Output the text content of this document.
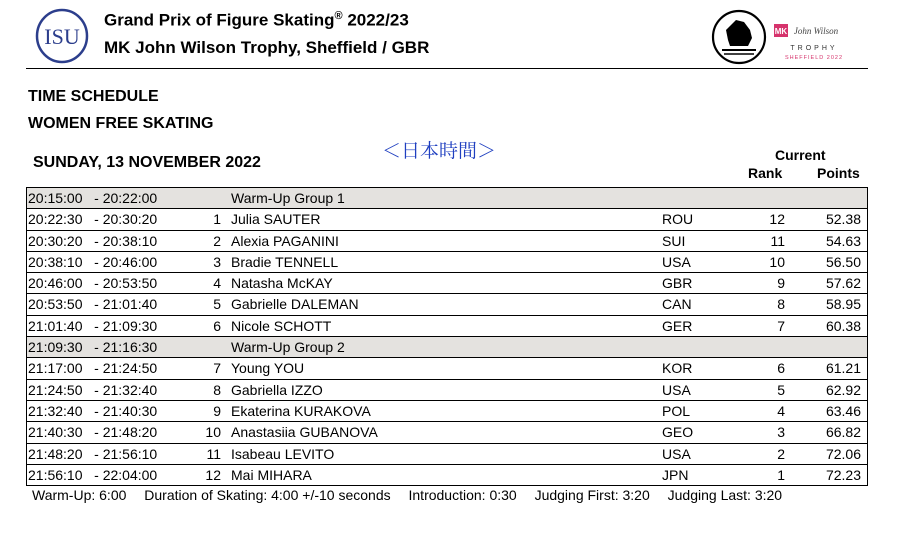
ISU
Grand Prix of Figure Skating® 2022/23
MK John Wilson Trophy, Sheffield / GBR
MK John Wilson
TROPHY
SHEFFIELD 2022
TIME SCHEDULE
WOMEN FREE SKATING
＜日本時間＞
SUNDAY, 13 NOVEMBER 2022	Current
Rank Points
20:15:00   - 20:22:00	Warm-Up Group 1
20:22:30   - 20:30:20	1 Julia SAUTER	ROU	12	52.38
20:30:20   - 20:38:10	2 Alexia PAGANINI	SUI	11	54.63
20:38:10   - 20:46:00	3 Bradie TENNELL	USA	10	56.50
20:46:00   - 20:53:50	4 Natasha McKAY	GBR	9	57.62
20:53:50   - 21:01:40	5 Gabrielle DALEMAN	CAN	8	58.95
21:01:40   - 21:09:30	6 Nicole SCHOTT	GER	7	60.38
21:09:30   - 21:16:30	Warm-Up Group 2
21:17:00   - 21:24:50	7 Young YOU	KOR	6	61.21
21:24:50   - 21:32:40	8 Gabriella IZZO	USA	5	62.92
21:32:40   - 21:40:30	9 Ekaterina KURAKOVA	POL	4	63.46
21:40:30   - 21:48:20	10 Anastasiia GUBANOVA	GEO	3	66.82
21:48:20   - 21:56:10	11 Isabeau LEVITO	USA	2	72.06
21:56:10   - 22:04:00	12 Mai MIHARA	JPN	1	72.23
Warm-Up: 6:00 Duration of Skating: 4:00 +/-10 seconds Introduction: 0:30 Judging First: 3:20 Judging Last: 3:20
